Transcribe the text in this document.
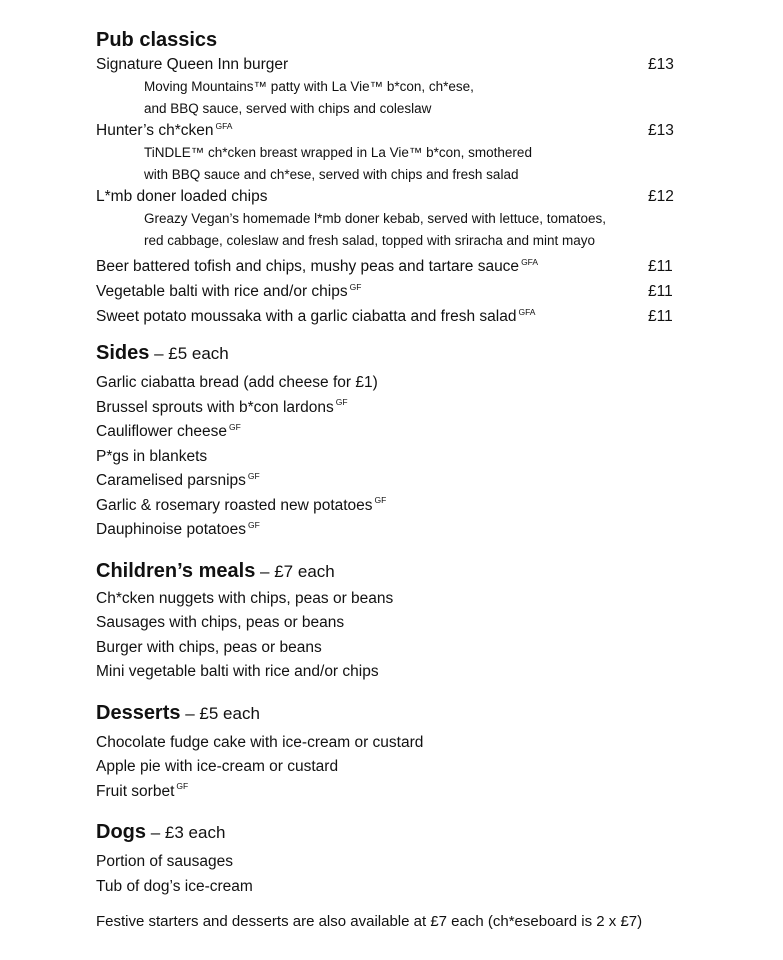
Pub classics
Signature Queen Inn burger	£13
Moving Mountains™ patty with La Vie™ b*con, ch*ese,
and BBQ sauce, served with chips and coleslaw
Hunter’s ch*cken $^{GFA}$	£13
TiNDLE™ ch*cken breast wrapped in La Vie™ b*con, smothered
with BBQ sauce and ch*ese, served with chips and fresh salad
L*mb doner loaded chips	£12
Greazy Vegan’s homemade l*mb doner kebab, served with lettuce, tomatoes,
red cabbage, coleslaw and fresh salad, topped with sriracha and mint mayo
Beer battered tofish and chips, mushy peas and tartare sauce $^{GFA}$	£11
Vegetable balti with rice and/or chips $^{GF}$	£11
Sweet potato moussaka with a garlic ciabatta and fresh salad $^{GFA}$	£11
Sides – £5 each
Garlic ciabatta bread (add cheese for £1)
Brussel sprouts with b*con lardons $^{GF}$
Cauliflower cheese $^{GF}$
P*gs in blankets
Caramelised parsnips $^{GF}$
Garlic & rosemary roasted new potatoes $^{GF}$
Dauphinoise potatoes $^{GF}$
Children’s meals – £7 each
Ch*cken nuggets with chips, peas or beans
Sausages with chips, peas or beans
Burger with chips, peas or beans
Mini vegetable balti with rice and/or chips
Desserts – £5 each
Chocolate fudge cake with ice-cream or custard
Apple pie with ice-cream or custard
Fruit sorbet $^{GF}$
Dogs – £3 each
Portion of sausages
Tub of dog’s ice-cream
Festive starters and desserts are also available at £7 each (ch*eseboard is 2 x £7)
